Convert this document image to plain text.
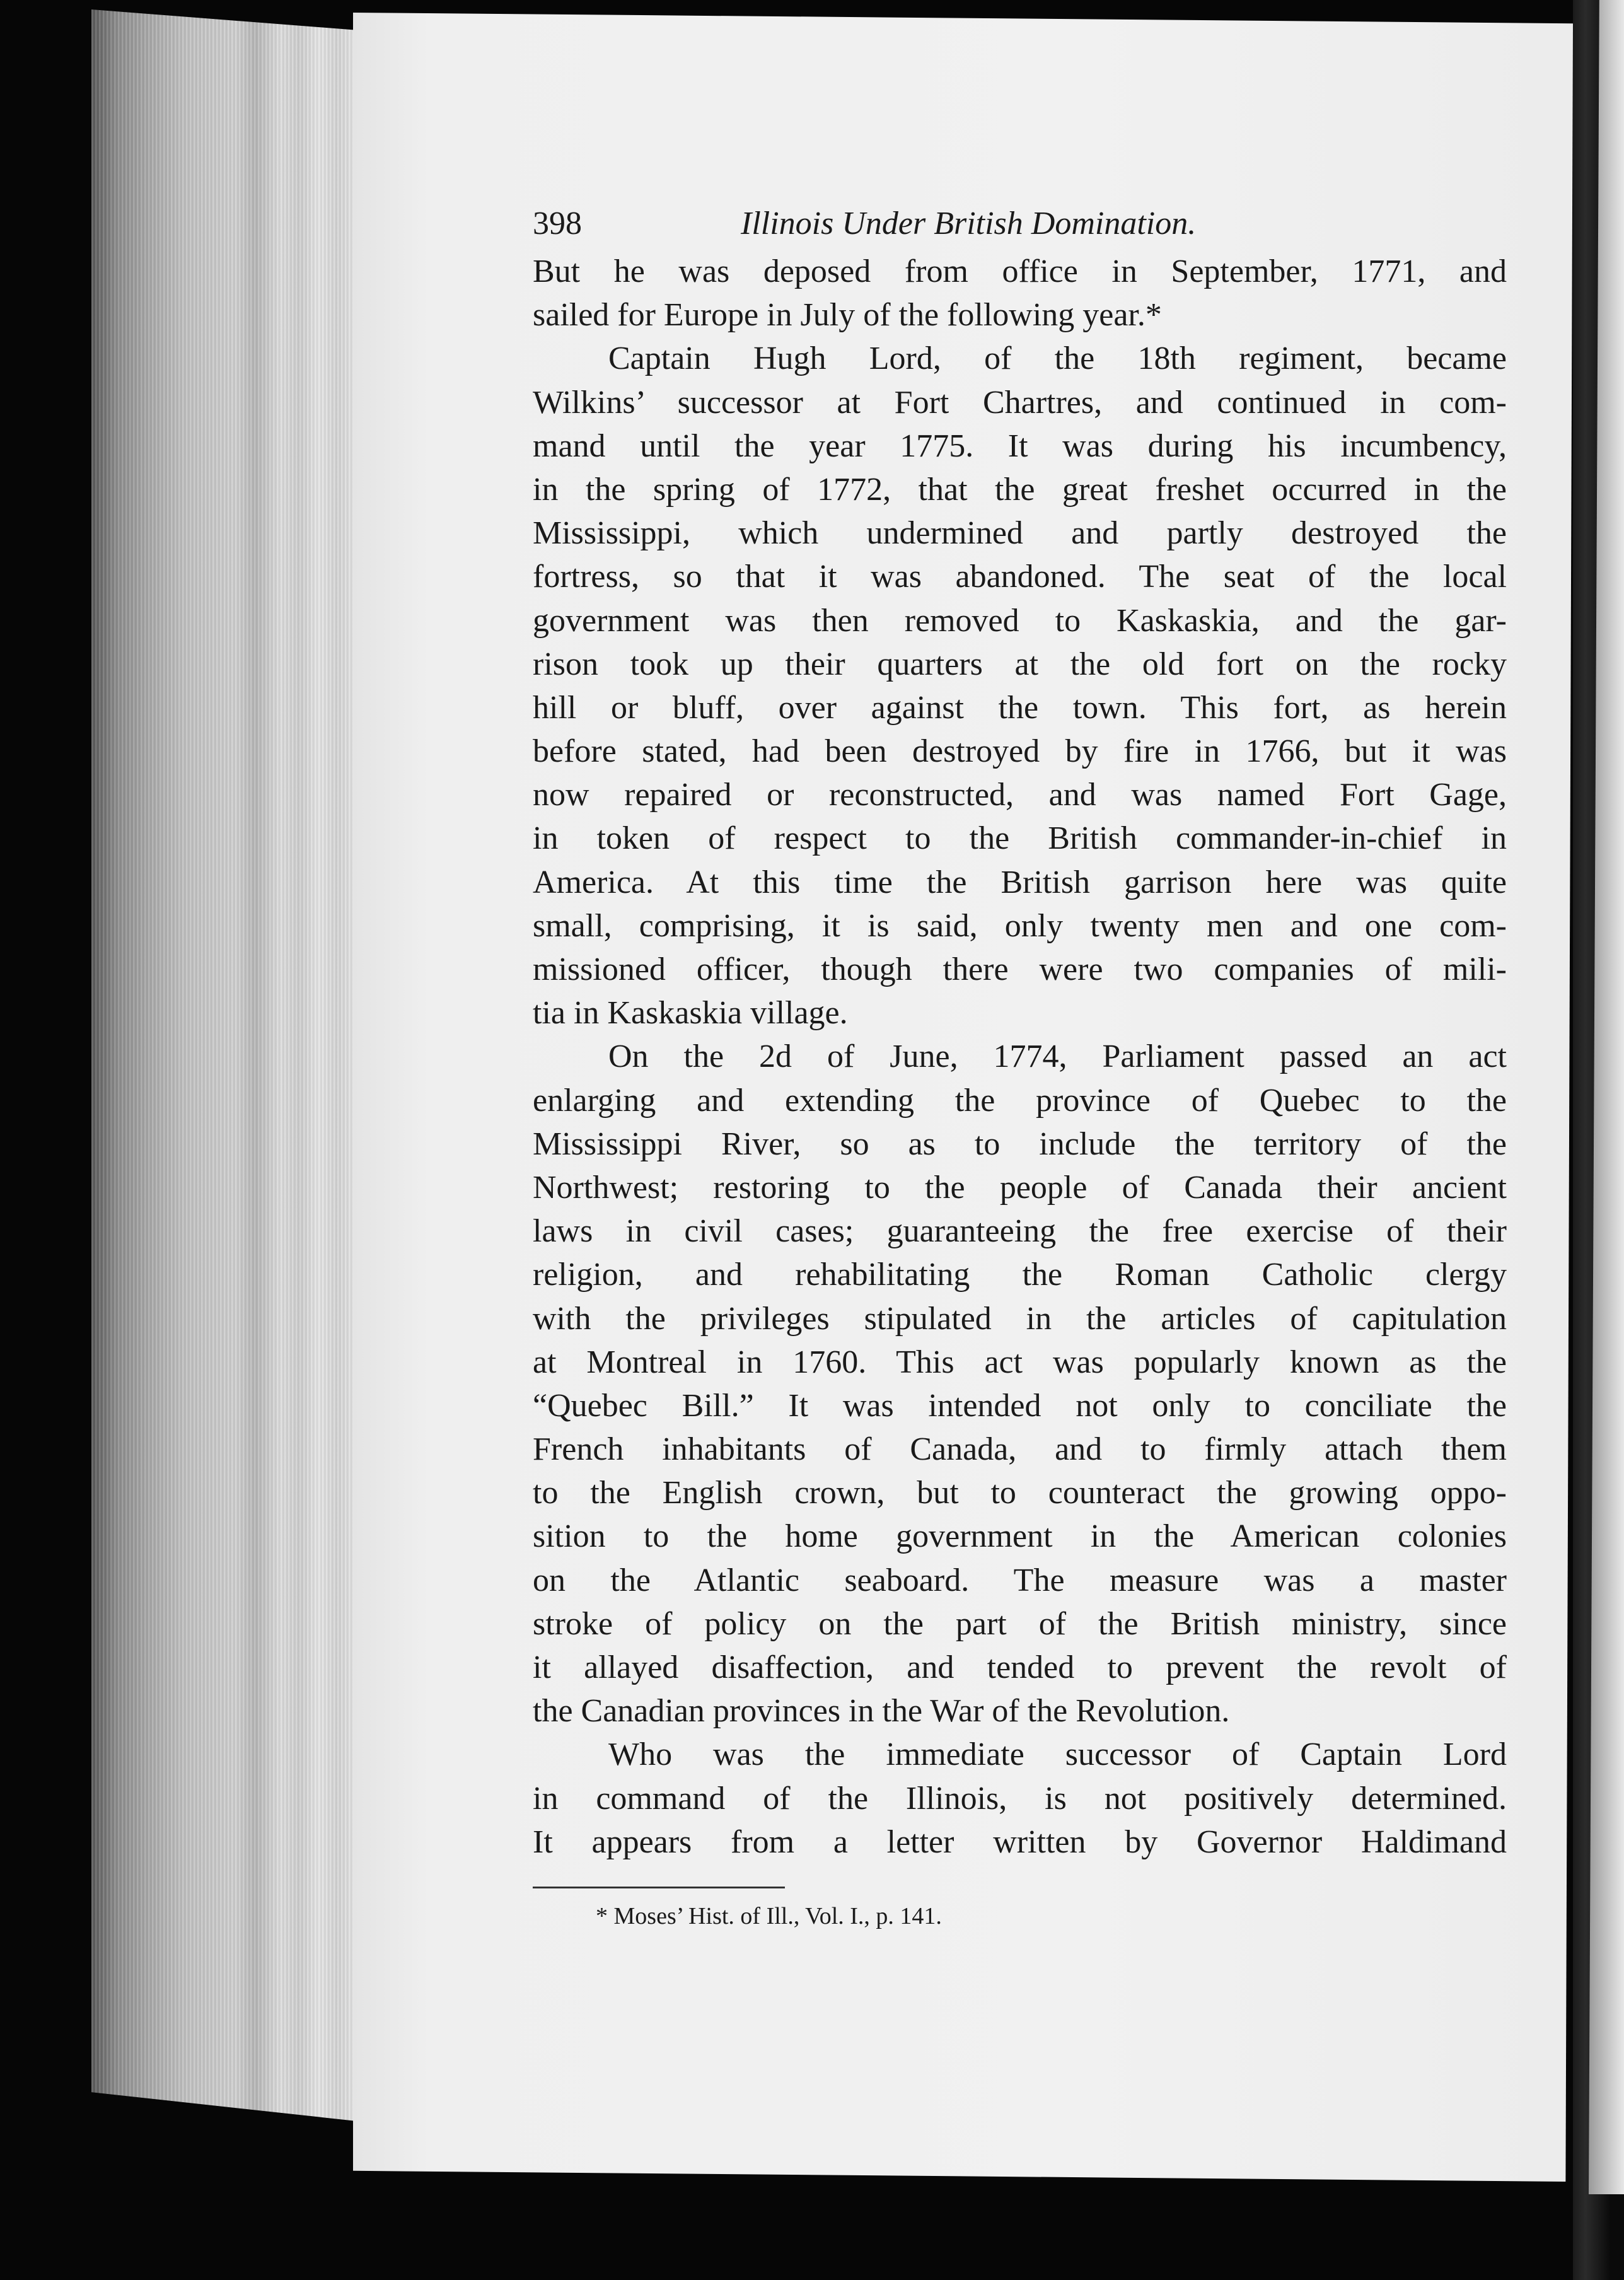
398	Illinois Under British Domination.
But he was deposed from office in September, 1771, and
sailed for Europe in July of the following year.*
Captain Hugh Lord, of the 18th regiment, became
Wilkins’ successor at Fort Chartres, and continued in com-
mand until the year 1775. It was during his incumbency,
in the spring of 1772, that the great freshet occurred in the
Mississippi, which undermined and partly destroyed the
fortress, so that it was abandoned. The seat of the local
government was then removed to Kaskaskia, and the gar-
rison took up their quarters at the old fort on the rocky
hill or bluff, over against the town. This fort, as herein
before stated, had been destroyed by fire in 1766, but it was
now repaired or reconstructed, and was named Fort Gage,
in token of respect to the British commander-in-chief in
America. At this time the British garrison here was quite
small, comprising, it is said, only twenty men and one com-
missioned officer, though there were two companies of mili-
tia in Kaskaskia village.
On the 2d of June, 1774, Parliament passed an act
enlarging and extending the province of Quebec to the
Mississippi River, so as to include the territory of the
Northwest; restoring to the people of Canada their ancient
laws in civil cases; guaranteeing the free exercise of their
religion, and rehabilitating the Roman Catholic clergy
with the privileges stipulated in the articles of capitulation
at Montreal in 1760. This act was popularly known as the
“Quebec Bill.” It was intended not only to conciliate the
French inhabitants of Canada, and to firmly attach them
to the English crown, but to counteract the growing oppo-
sition to the home government in the American colonies
on the Atlantic seaboard. The measure was a master
stroke of policy on the part of the British ministry, since
it allayed disaffection, and tended to prevent the revolt of
the Canadian provinces in the War of the Revolution.
Who was the immediate successor of Captain Lord
in command of the Illinois, is not positively determined.
It appears from a letter written by Governor Haldimand
* Moses’ Hist. of Ill., Vol. I., p. 141.
